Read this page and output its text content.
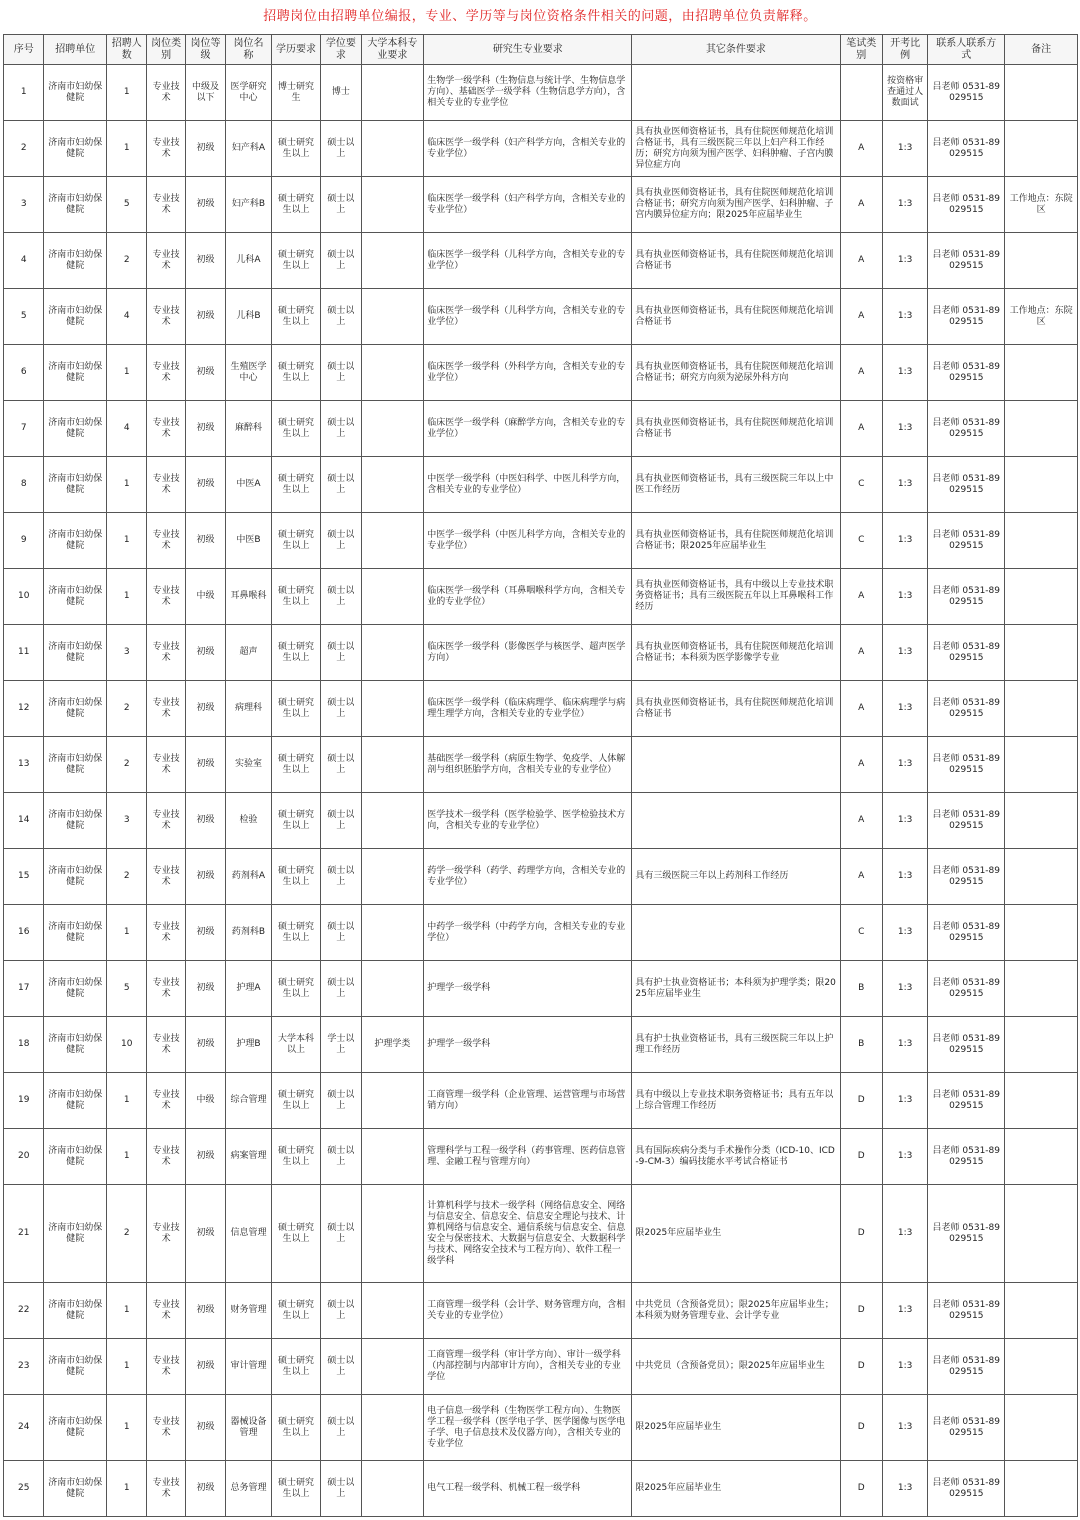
招聘岗位由招聘单位编报，专业、学历等与岗位资格条件相关的问题，由招聘单位负责解释。
序号	招聘单位	招聘人数	岗位类别	岗位等级	岗位名称	学历要求	学位要求	大学本科专业要求	研究生专业要求	其它条件要求	笔试类别	开考比例	联系人联系方式	备注
1	济南市妇幼保健院	1	专业技术	中级及以下	医学研究中心	博士研究生	博士		生物学一级学科（生物信息与统计学、生物信息学方向）、基础医学一级学科（生物信息学方向），含相关专业的专业学位			按资格审查通过人数面试	吕老师 0531-89029515	
2	济南市妇幼保健院	1	专业技术	初级	妇产科A	硕士研究生以上	硕士以上		临床医学一级学科（妇产科学方向，含相关专业的专业学位）	具有执业医师资格证书，具有住院医师规范化培训合格证书，具有三级医院三年以上妇产科工作经历；研究方向须为围产医学、妇科肿瘤、子宫内膜异位症方向	A	1:3	吕老师 0531-89029515	
3	济南市妇幼保健院	5	专业技术	初级	妇产科B	硕士研究生以上	硕士以上		临床医学一级学科（妇产科学方向，含相关专业的专业学位）	具有执业医师资格证书，具有住院医师规范化培训合格证书；研究方向须为围产医学、妇科肿瘤、子宫内膜异位症方向；限2025年应届毕业生	A	1:3	吕老师 0531-89029515	工作地点：东院区
4	济南市妇幼保健院	2	专业技术	初级	儿科A	硕士研究生以上	硕士以上		临床医学一级学科（儿科学方向，含相关专业的专业学位）	具有执业医师资格证书，具有住院医师规范化培训合格证书	A	1:3	吕老师 0531-89029515	
5	济南市妇幼保健院	4	专业技术	初级	儿科B	硕士研究生以上	硕士以上		临床医学一级学科（儿科学方向，含相关专业的专业学位）	具有执业医师资格证书，具有住院医师规范化培训合格证书	A	1:3	吕老师 0531-89029515	工作地点：东院区
6	济南市妇幼保健院	1	专业技术	初级	生殖医学中心	硕士研究生以上	硕士以上		临床医学一级学科（外科学方向，含相关专业的专业学位）	具有执业医师资格证书，具有住院医师规范化培训合格证书；研究方向须为泌尿外科方向	A	1:3	吕老师 0531-89029515	
7	济南市妇幼保健院	4	专业技术	初级	麻醉科	硕士研究生以上	硕士以上		临床医学一级学科（麻醉学方向，含相关专业的专业学位）	具有执业医师资格证书，具有住院医师规范化培训合格证书	A	1:3	吕老师 0531-89029515	
8	济南市妇幼保健院	1	专业技术	初级	中医A	硕士研究生以上	硕士以上		中医学一级学科（中医妇科学、中医儿科学方向，含相关专业的专业学位）	具有执业医师资格证书，具有三级医院三年以上中医工作经历	C	1:3	吕老师 0531-89029515	
9	济南市妇幼保健院	1	专业技术	初级	中医B	硕士研究生以上	硕士以上		中医学一级学科（中医儿科学方向，含相关专业的专业学位）	具有执业医师资格证书，具有住院医师规范化培训合格证书；限2025年应届毕业生	C	1:3	吕老师 0531-89029515	
10	济南市妇幼保健院	1	专业技术	中级	耳鼻喉科	硕士研究生以上	硕士以上		临床医学一级学科（耳鼻咽喉科学方向，含相关专业的专业学位）	具有执业医师资格证书，具有中级以上专业技术职务资格证书；具有三级医院五年以上耳鼻喉科工作经历	A	1:3	吕老师 0531-89029515	
11	济南市妇幼保健院	3	专业技术	初级	超声	硕士研究生以上	硕士以上		临床医学一级学科（影像医学与核医学、超声医学方向）	具有执业医师资格证书，具有住院医师规范化培训合格证书；本科须为医学影像学专业	A	1:3	吕老师 0531-89029515	
12	济南市妇幼保健院	2	专业技术	初级	病理科	硕士研究生以上	硕士以上		临床医学一级学科（临床病理学、临床病理学与病理生理学方向，含相关专业的专业学位）	具有执业医师资格证书，具有住院医师规范化培训合格证书	A	1:3	吕老师 0531-89029515	
13	济南市妇幼保健院	2	专业技术	初级	实验室	硕士研究生以上	硕士以上		基础医学一级学科（病原生物学、免疫学、人体解剖与组织胚胎学方向，含相关专业的专业学位）		A	1:3	吕老师 0531-89029515	
14	济南市妇幼保健院	3	专业技术	初级	检验	硕士研究生以上	硕士以上		医学技术一级学科（医学检验学、医学检验技术方向，含相关专业的专业学位）		A	1:3	吕老师 0531-89029515	
15	济南市妇幼保健院	2	专业技术	初级	药剂科A	硕士研究生以上	硕士以上		药学一级学科（药学、药理学方向，含相关专业的专业学位）	具有三级医院三年以上药剂科工作经历	A	1:3	吕老师 0531-89029515	
16	济南市妇幼保健院	1	专业技术	初级	药剂科B	硕士研究生以上	硕士以上		中药学一级学科（中药学方向，含相关专业的专业学位）		C	1:3	吕老师 0531-89029515	
17	济南市妇幼保健院	5	专业技术	初级	护理A	硕士研究生以上	硕士以上		护理学一级学科	具有护士执业资格证书；本科须为护理学类；限2025年应届毕业生	B	1:3	吕老师 0531-89029515	
18	济南市妇幼保健院	10	专业技术	初级	护理B	大学本科以上	学士以上	护理学类	护理学一级学科	具有护士执业资格证书，具有三级医院三年以上护理工作经历	B	1:3	吕老师 0531-89029515	
19	济南市妇幼保健院	1	专业技术	中级	综合管理	硕士研究生以上	硕士以上		工商管理一级学科（企业管理、运营管理与市场营销方向）	具有中级以上专业技术职务资格证书；具有五年以上综合管理工作经历	D	1:3	吕老师 0531-89029515	
20	济南市妇幼保健院	1	专业技术	初级	病案管理	硕士研究生以上	硕士以上		管理科学与工程一级学科（药事管理、医药信息管理、金融工程与管理方向）	具有国际疾病分类与手术操作分类（ICD-10、ICD-9-CM-3）编码技能水平考试合格证书	D	1:3	吕老师 0531-89029515	
21	济南市妇幼保健院	2	专业技术	初级	信息管理	硕士研究生以上	硕士以上		计算机科学与技术一级学科（网络信息安全、网络与信息安全、信息安全、信息安全理论与技术、计算机网络与信息安全、通信系统与信息安全、信息安全与保密技术、大数据与信息安全、大数据科学与技术、网络安全技术与工程方向）、软件工程一级学科	限2025年应届毕业生	D	1:3	吕老师 0531-89029515	
22	济南市妇幼保健院	1	专业技术	初级	财务管理	硕士研究生以上	硕士以上		工商管理一级学科（会计学、财务管理方向，含相关专业的专业学位）	中共党员（含预备党员）；限2025年应届毕业生；本科须为财务管理专业、会计学专业	D	1:3	吕老师 0531-89029515	
23	济南市妇幼保健院	1	专业技术	初级	审计管理	硕士研究生以上	硕士以上		工商管理一级学科（审计学方向）、审计一级学科（内部控制与内部审计方向），含相关专业的专业学位	中共党员（含预备党员）；限2025年应届毕业生	D	1:3	吕老师 0531-89029515	
24	济南市妇幼保健院	1	专业技术	初级	器械设备管理	硕士研究生以上	硕士以上		电子信息一级学科（生物医学工程方向）、生物医学工程一级学科（医学电子学、医学图像与医学电子学、电子信息技术及仪器方向），含相关专业的专业学位	限2025年应届毕业生	D	1:3	吕老师 0531-89029515	
25	济南市妇幼保健院	1	专业技术	初级	总务管理	硕士研究生以上	硕士以上		电气工程一级学科、机械工程一级学科	限2025年应届毕业生	D	1:3	吕老师 0531-89029515	
